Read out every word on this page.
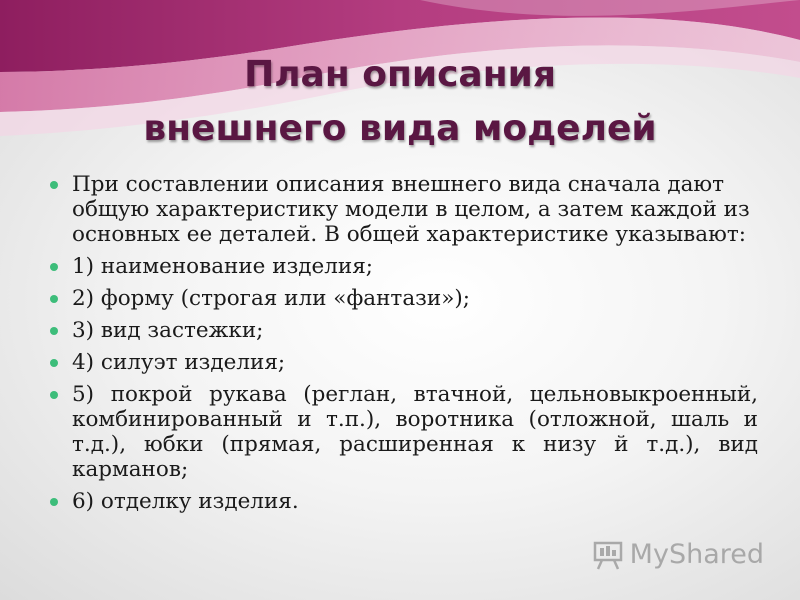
План описания
внешнего вида моделей
При составлении описания внешнего вида сначала дают общую характеристику модели в целом, а затем каждой из основных ее деталей. В общей характеристике указывают:
1) наименование изделия;
2) форму (строгая или «фантази»);
3) вид застежки;
4) силуэт изделия;
5) покрой рукава (реглан, втачной, цельновыкроенный, комбинированный и т.п.), воротника (отложной, шаль и т.д.), юбки (прямая, расширенная к низу й т.д.), вид карманов;
6) отделку изделия.
MyShared
